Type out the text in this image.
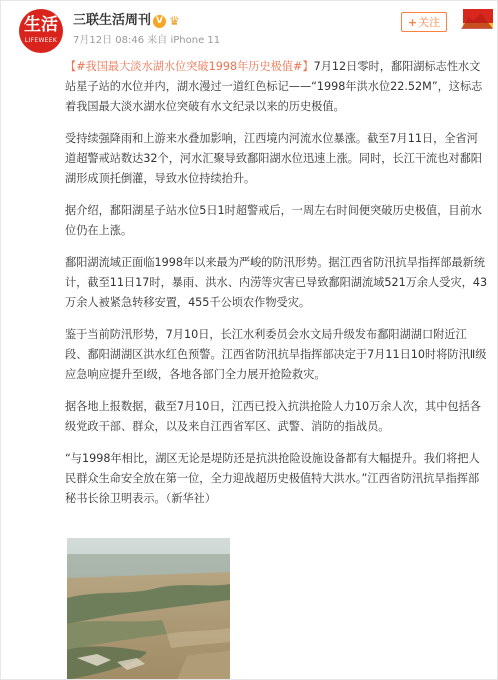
生活
LIFEWEEK
三联生活周刊 V ♛
7月12日 08:46 来自 iPhone 11
+关注

【#我国最大淡水湖水位突破1998年历史极值#】7月12日零时，鄱阳湖标志性水文站星子站的水位并内，湖水漫过一道红色标记——“1998年洪水位22.52M”，这标志着我国最大淡水湖水位突破有水文纪录以来的历史极值。

受持续强降雨和上游来水叠加影响，江西境内河流水位暴涨。截至7月11日，全省河道超警戒站数达32个，河水汇聚导致鄱阳湖水位迅速上涨。同时，长江干流也对鄱阳湖形成顶托倒灌，导致水位持续抬升。

据介绍，鄱阳湖星子站水位5日1时超警戒后，一周左右时间便突破历史极值，目前水位仍在上涨。

鄱阳湖流域正面临1998年以来最为严峻的防汛形势。据江西省防汛抗旱指挥部最新统计，截至11日17时，暴雨、洪水、内涝等灾害已导致鄱阳湖流域521万余人受灾，43万余人被紧急转移安置，455千公顷农作物受灾。

鉴于当前防汛形势，7月10日，长江水利委员会水文局升级发布鄱阳湖湖口附近江段、鄱阳湖湖区洪水红色预警。江西省防汛抗旱指挥部决定于7月11日10时将防汛Ⅱ级应急响应提升至Ⅰ级，各地各部门全力展开抢险救灾。

据各地上报数据，截至7月10日，江西已投入抗洪抢险人力10万余人次，其中包括各级党政干部、群众，以及来自江西省军区、武警、消防的指战员。

“与1998年相比，湖区无论是堤防还是抗洪抢险设施设备都有大幅提升。我们将把人民群众生命安全放在第一位，全力迎战超历史极值特大洪水。”江西省防汛抗旱指挥部秘书长徐卫明表示。（新华社）
